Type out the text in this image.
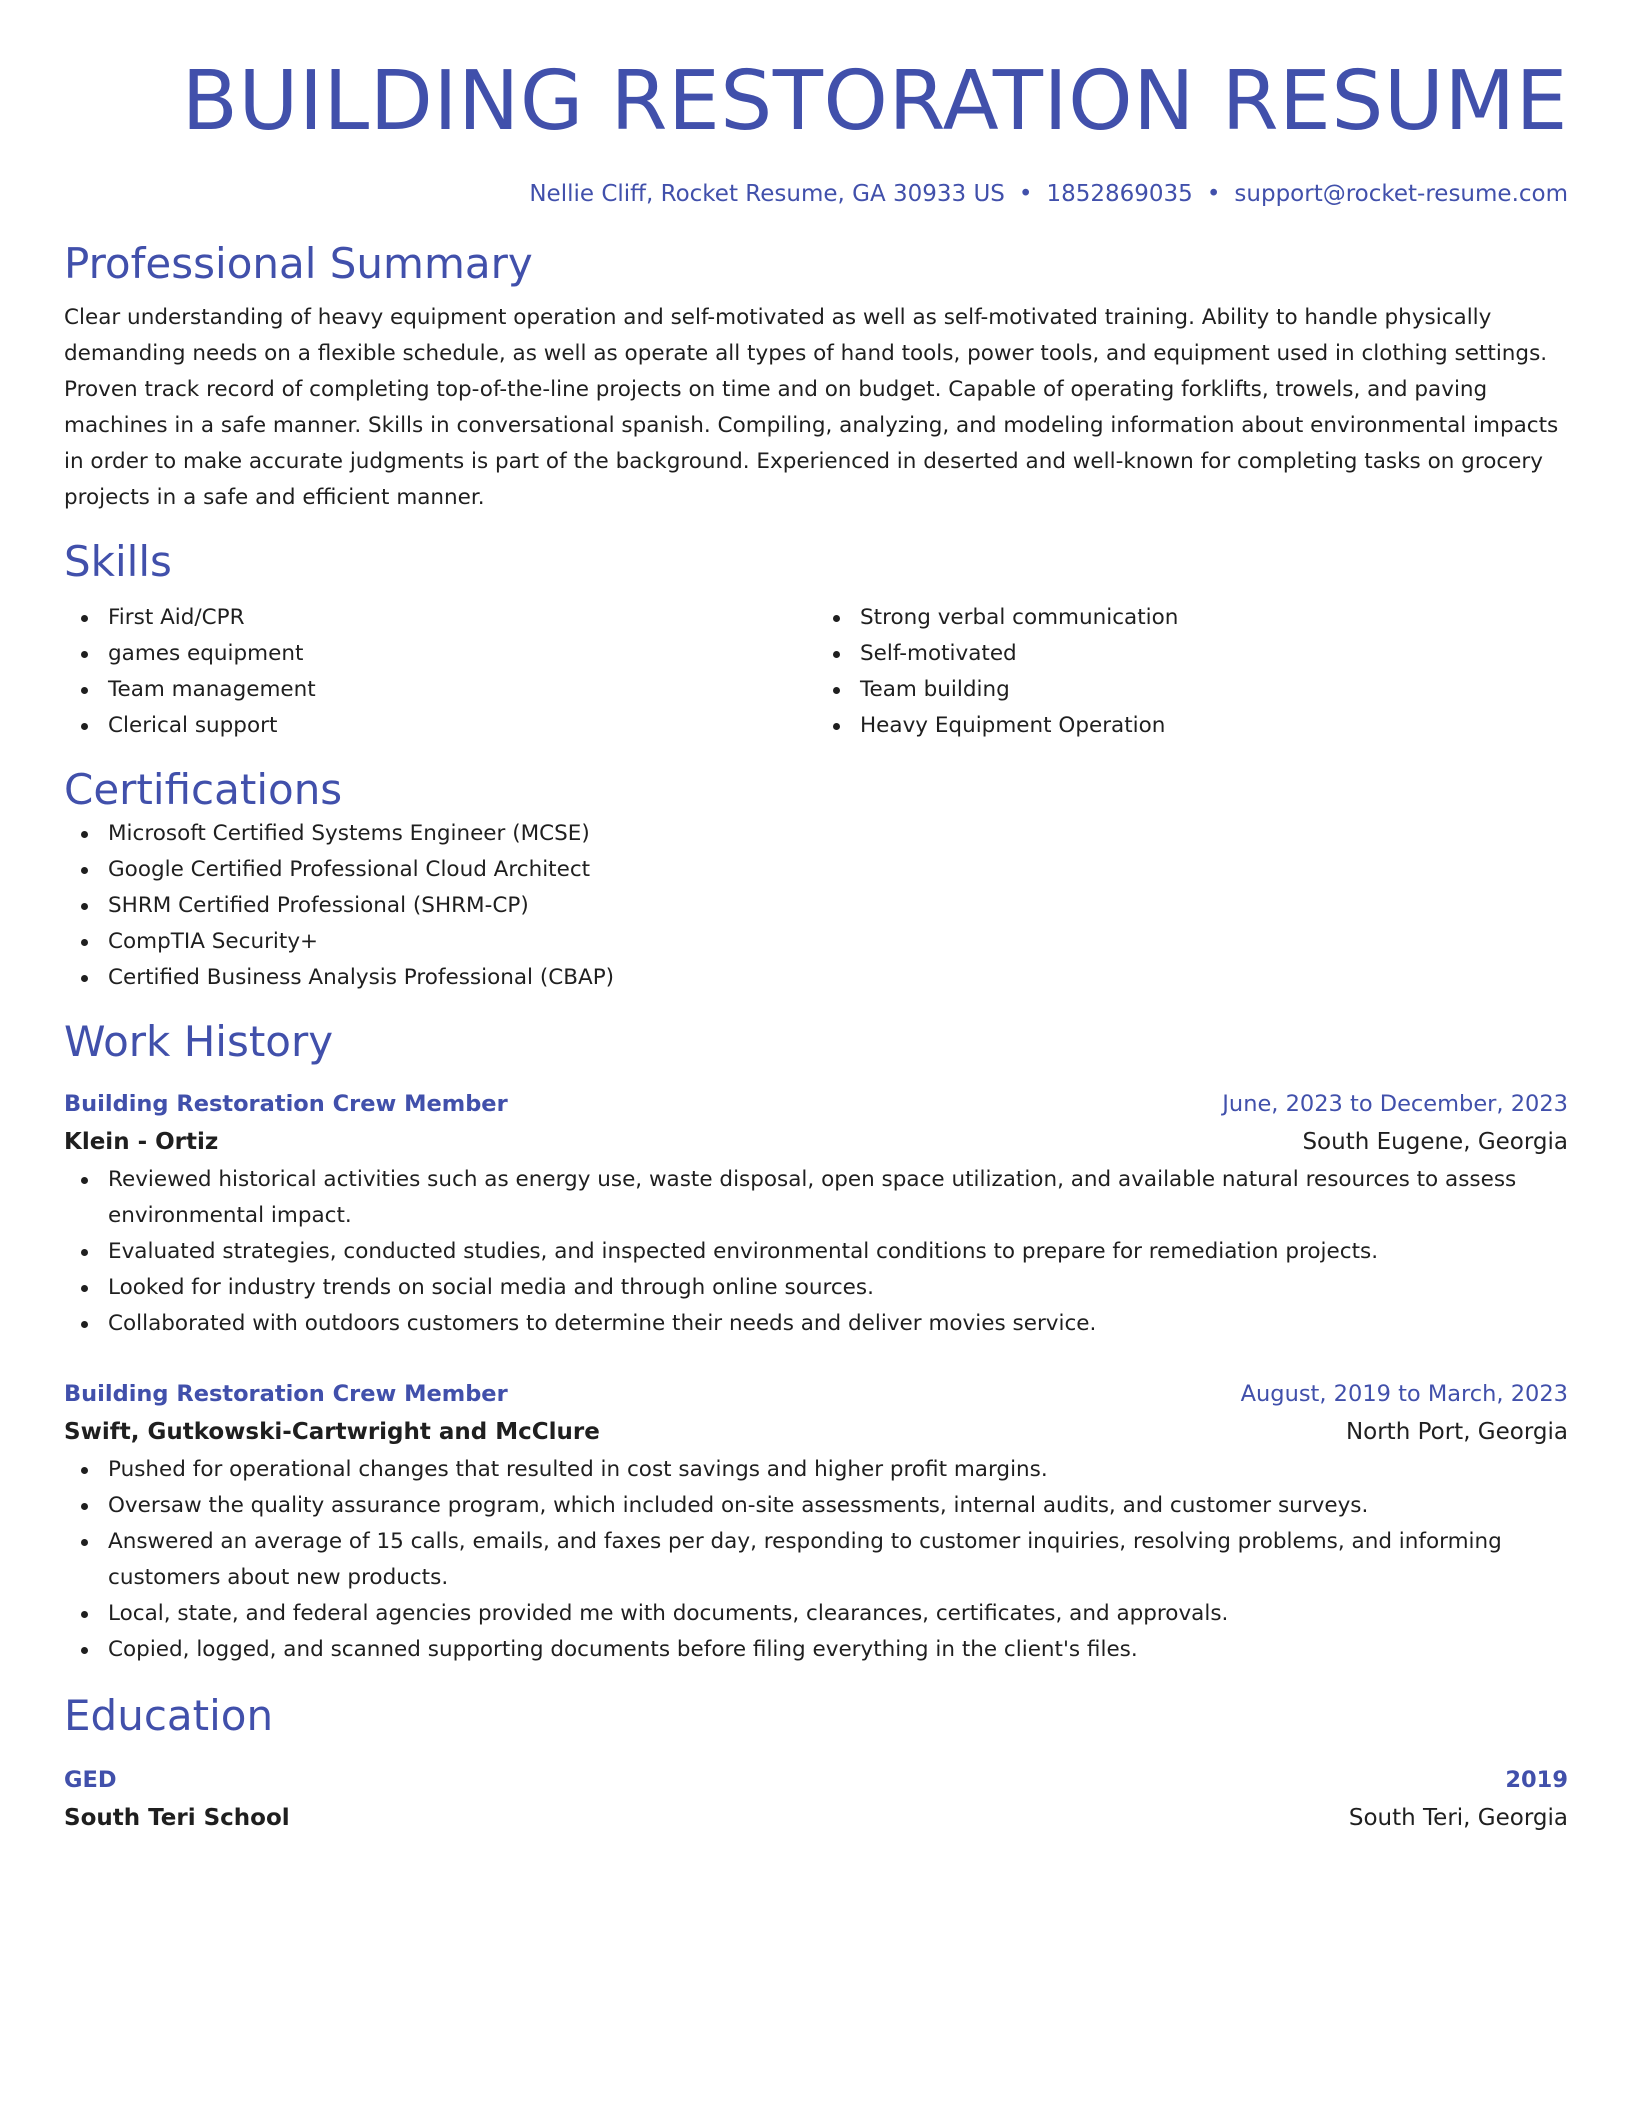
BUILDING RESTORATION RESUME
Nellie Cliff, Rocket Resume, GA 30933 US • 1852869035 • support@rocket-resume.com
Professional Summary

Clear understanding of heavy equipment operation and self-motivated as well as self-motivated training. Ability to handle physically demanding needs on a flexible schedule, as well as operate all types of hand tools, power tools, and equipment used in clothing settings. Proven track record of completing top-of-the-line projects on time and on budget. Capable of operating forklifts, trowels, and paving machines in a safe manner. Skills in conversational spanish. Compiling, analyzing, and modeling information about environmental impacts in order to make accurate judgments is part of the background. Experienced in deserted and well-known for completing tasks on grocery projects in a safe and efficient manner.

Skills
First Aid/CPR
games equipment
Team management
Clerical support
Strong verbal communication
Self-motivated
Team building
Heavy Equipment Operation
Certifications
Microsoft Certified Systems Engineer (MCSE)
Google Certified Professional Cloud Architect
SHRM Certified Professional (SHRM-CP)
CompTIA Security+
Certified Business Analysis Professional (CBAP)
Work History
Building Restoration Crew Member	June, 2023 to December, 2023
Klein - Ortiz	South Eugene, Georgia
Reviewed historical activities such as energy use, waste disposal, open space utilization, and available natural resources to assess environmental impact.
Evaluated strategies, conducted studies, and inspected environmental conditions to prepare for remediation projects.
Looked for industry trends on social media and through online sources.
Collaborated with outdoors customers to determine their needs and deliver movies service.
Building Restoration Crew Member	August, 2019 to March, 2023
Swift, Gutkowski-Cartwright and McClure	North Port, Georgia
Pushed for operational changes that resulted in cost savings and higher profit margins.
Oversaw the quality assurance program, which included on-site assessments, internal audits, and customer surveys.
Answered an average of 15 calls, emails, and faxes per day, responding to customer inquiries, resolving problems, and informing customers about new products.
Local, state, and federal agencies provided me with documents, clearances, certificates, and approvals.
Copied, logged, and scanned supporting documents before filing everything in the client's files.
Education
GED	2019
South Teri School	South Teri, Georgia
